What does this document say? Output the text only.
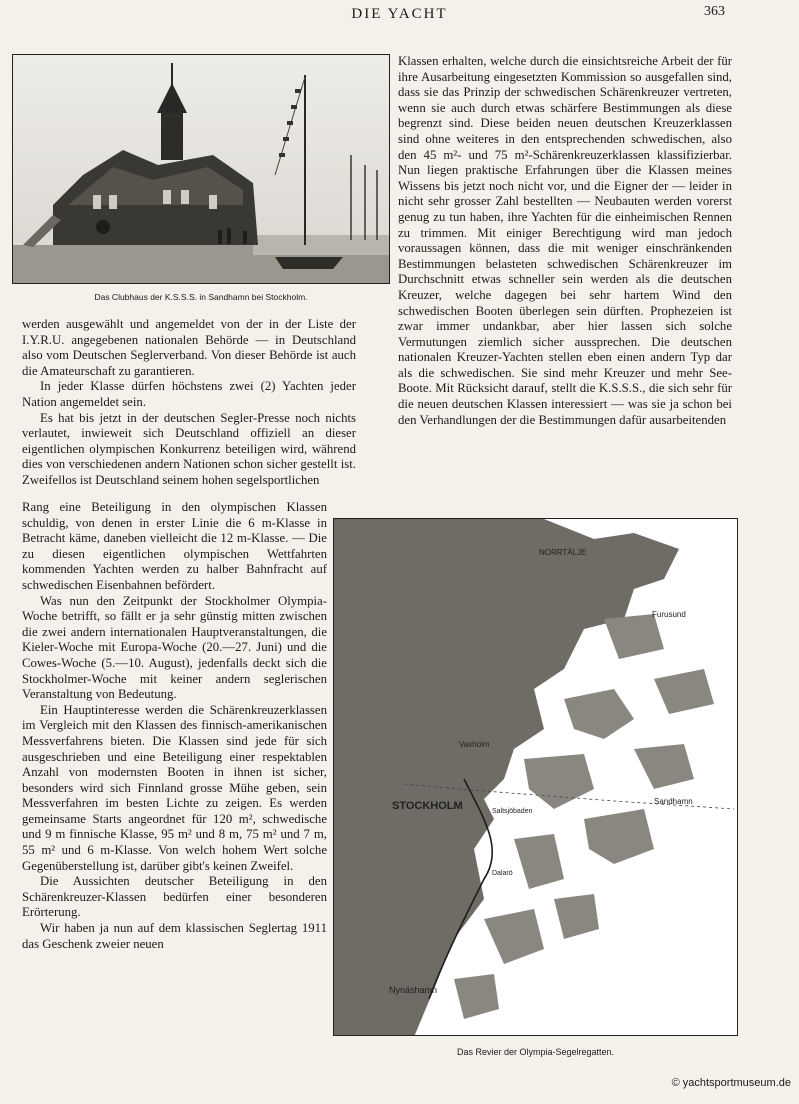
DIE YACHT	363
Das Clubhaus der K.S.S.S. in Sandhamn bei Stockholm.

werden ausgewählt und angemeldet von der in der Liste der I.Y.R.U. angegebenen nationalen Behörde — in Deutschland also vom Deutschen Seglerverband. Von dieser Behörde ist auch die Amateurschaft zu garantieren.

In jeder Klasse dürfen höchstens zwei (2) Yachten jeder Nation angemeldet sein.

Es hat bis jetzt in der deutschen Segler-Presse noch nichts verlautet, inwieweit sich Deutschland offiziell an dieser eigentlichen olympischen Konkurrenz beteiligen wird, während dies von verschiedenen andern Nationen schon sicher gestellt ist. Zweifellos ist Deutschland seinem hohen segelsportlichen

Rang eine Beteiligung in den olympischen Klassen schuldig, von denen in erster Linie die 6 m-Klasse in Betracht käme, daneben vielleicht die 12 m-Klasse. — Die zu diesen eigentlichen olympischen Wettfahrten kommenden Yachten werden zu halber Bahnfracht auf schwedischen Eisenbahnen befördert.

Was nun den Zeitpunkt der Stockholmer Olympia-Woche betrifft, so fällt er ja sehr günstig mitten zwischen die zwei andern internationalen Hauptveranstaltungen, die Kieler-Woche mit Europa-Woche (20.—27. Juni) und die Cowes-Woche (5.—10. August), jedenfalls deckt sich die Stockholmer-Woche mit keiner andern seglerischen Veranstaltung von Bedeutung.

Ein Hauptinteresse werden die Schärenkreuzerklassen im Vergleich mit den Klassen des finnisch-amerikanischen Messverfahrens bieten. Die Klassen sind jede für sich ausgeschrieben und eine Beteiligung einer respektablen Anzahl von modernsten Booten in ihnen ist sicher, besonders wird sich Finnland grosse Mühe geben, sein Messverfahren im besten Lichte zu zeigen. Es werden gemeinsame Starts angeordnet für 120 m², schwedische und 9 m finnische Klasse, 95 m² und 8 m, 75 m² und 7 m, 55 m² und 6 m-Klasse. Von welch hohem Wert solche Gegenüberstellung ist, darüber gibt's keinen Zweifel.

Die Aussichten deutscher Beteiligung in den Schärenkreuzer-Klassen bedürfen einer besonderen Erörterung.

Wir haben ja nun auf dem klassischen Seglertag 1911 das Geschenk zweier neuen

Klassen erhalten, welche durch die einsichtsreiche Arbeit der für ihre Ausarbeitung eingesetzten Kommission so ausgefallen sind, dass sie das Prinzip der schwedischen Schärenkreuzer vertreten, wenn sie auch durch etwas schärfere Bestimmungen als diese begrenzt sind. Diese beiden neuen deutschen Kreuzerklassen sind ohne weiteres in den entsprechenden schwedischen, also den 45 m²- und 75 m²-Schärenkreuzerklassen klassifizierbar. Nun liegen praktische Erfahrungen über die Klassen meines Wissens bis jetzt noch nicht vor, und die Eigner der — leider in nicht sehr grosser Zahl bestellten — Neubauten werden vorerst genug zu tun haben, ihre Yachten für die einheimischen Rennen zu trimmen. Mit einiger Berechtigung wird man jedoch voraussagen können, dass die mit weniger einschränkenden Bestimmungen belasteten schwedischen Schärenkreuzer im Durchschnitt etwas schneller sein werden als die deutschen Kreuzer, welche dagegen bei sehr hartem Wind den schwedischen Booten überlegen sein dürften. Prophezeien ist zwar immer undankbar, aber hier lassen sich solche Vermutungen ziemlich sicher aussprechen. Die deutschen nationalen Kreuzer-Yachten stellen eben einen andern Typ dar als die schwedischen. Sie sind mehr Kreuzer und mehr See-Boote. Mit Rücksicht darauf, stellt die K.S.S.S., die sich sehr für die neuen deutschen Klassen interessiert — was sie ja schon bei den Verhandlungen der die Bestimmungen dafür ausarbeitenden

NORRTÄLJE
Furusund
Vaxholm
STOCKHOLM	Saltsjöbaden
Sandhamn
Dalarö
Nynäshamn
Das Revier der Olympia-Segelregatten.
© yachtsportmuseum.de
